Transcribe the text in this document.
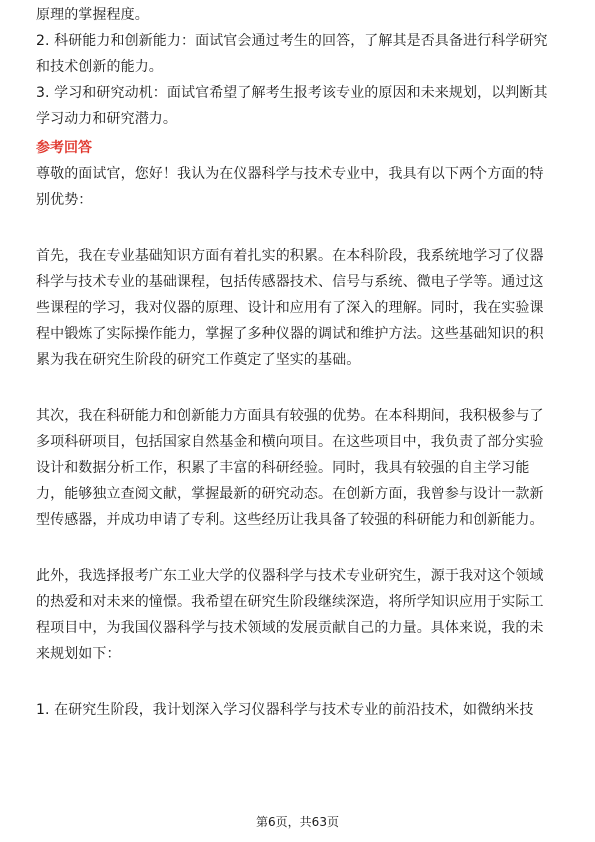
原理的掌握程度。
2. 科研能力和创新能力：面试官会通过考生的回答，了解其是否具备进行科学研究
和技术创新的能力。
3. 学习和研究动机：面试官希望了解考生报考该专业的原因和未来规划，以判断其
学习动力和研究潜力。
参考回答
尊敬的面试官，您好！我认为在仪器科学与技术专业中，我具有以下两个方面的特
别优势：
首先，我在专业基础知识方面有着扎实的积累。在本科阶段，我系统地学习了仪器
科学与技术专业的基础课程，包括传感器技术、信号与系统、微电子学等。通过这
些课程的学习，我对仪器的原理、设计和应用有了深入的理解。同时，我在实验课
程中锻炼了实际操作能力，掌握了多种仪器的调试和维护方法。这些基础知识的积
累为我在研究生阶段的研究工作奠定了坚实的基础。
其次，我在科研能力和创新能力方面具有较强的优势。在本科期间，我积极参与了
多项科研项目，包括国家自然基金和横向项目。在这些项目中，我负责了部分实验
设计和数据分析工作，积累了丰富的科研经验。同时，我具有较强的自主学习能
力，能够独立查阅文献，掌握最新的研究动态。在创新方面，我曾参与设计一款新
型传感器，并成功申请了专利。这些经历让我具备了较强的科研能力和创新能力。
此外，我选择报考广东工业大学的仪器科学与技术专业研究生，源于我对这个领域
的热爱和对未来的憧憬。我希望在研究生阶段继续深造，将所学知识应用于实际工
程项目中，为我国仪器科学与技术领域的发展贡献自己的力量。具体来说，我的未
来规划如下：
1. 在研究生阶段，我计划深入学习仪器科学与技术专业的前沿技术，如微纳米技
第6页，共63页
